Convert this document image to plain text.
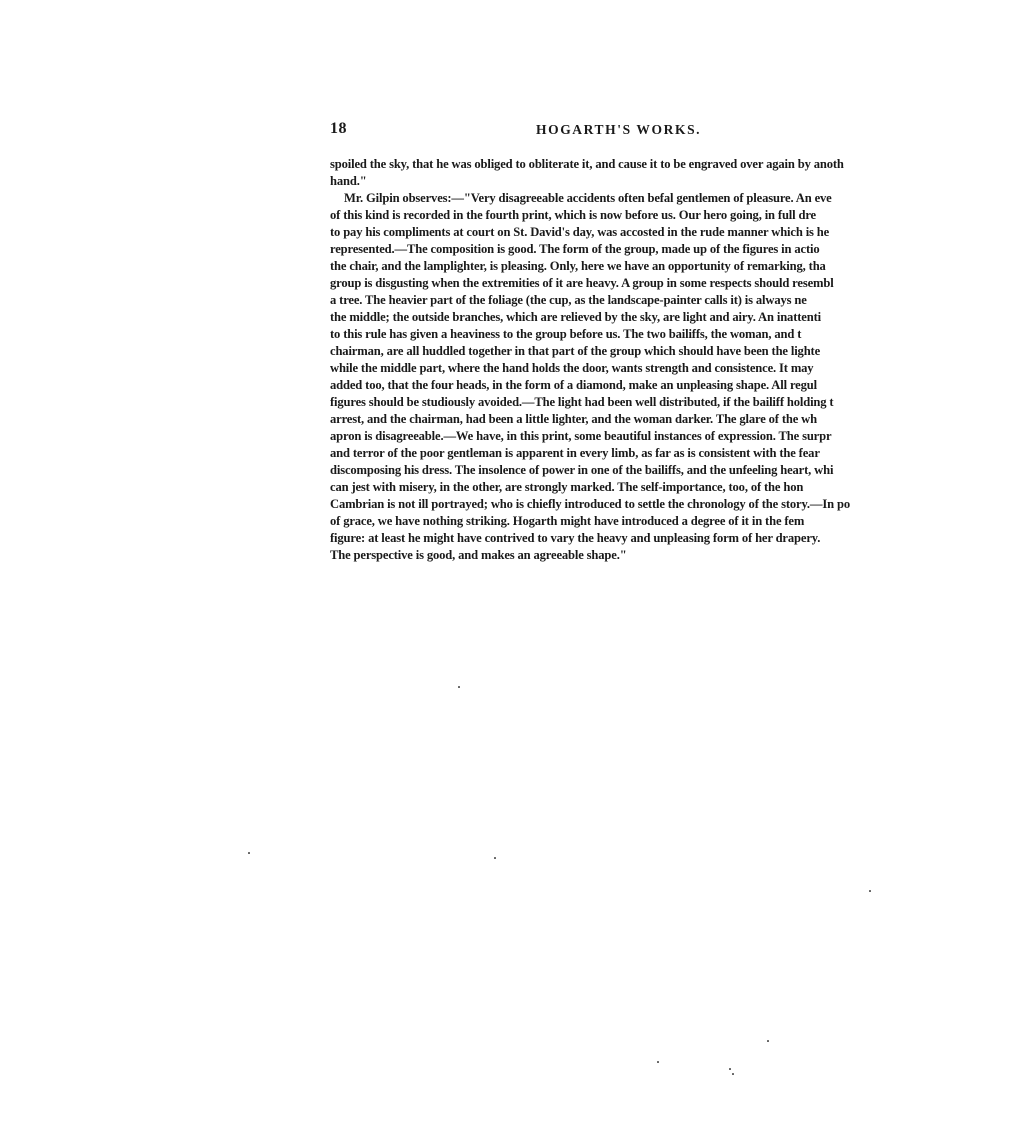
18	HOGARTH'S WORKS.
spoiled the sky, that he was obliged to obliterate it, and cause it to be engraved over again by anoth
hand."
Mr. Gilpin observes:—"Very disagreeable accidents often befal gentlemen of pleasure. An eve
of this kind is recorded in the fourth print, which is now before us. Our hero going, in full dre
to pay his compliments at court on St. David's day, was accosted in the rude manner which is he
represented.—The composition is good. The form of the group, made up of the figures in actio
the chair, and the lamplighter, is pleasing. Only, here we have an opportunity of remarking, tha
group is disgusting when the extremities of it are heavy. A group in some respects should resembl
a tree. The heavier part of the foliage (the cup, as the landscape-painter calls it) is always ne
the middle; the outside branches, which are relieved by the sky, are light and airy. An inattenti
to this rule has given a heaviness to the group before us. The two bailiffs, the woman, and t
chairman, are all huddled together in that part of the group which should have been the lighte
while the middle part, where the hand holds the door, wants strength and consistence. It may
added too, that the four heads, in the form of a diamond, make an unpleasing shape. All regul
figures should be studiously avoided.—The light had been well distributed, if the bailiff holding t
arrest, and the chairman, had been a little lighter, and the woman darker. The glare of the wh
apron is disagreeable.—We have, in this print, some beautiful instances of expression. The surpr
and terror of the poor gentleman is apparent in every limb, as far as is consistent with the fear
discomposing his dress. The insolence of power in one of the bailiffs, and the unfeeling heart, whi
can jest with misery, in the other, are strongly marked. The self-importance, too, of the hon
Cambrian is not ill portrayed; who is chiefly introduced to settle the chronology of the story.—In po
of grace, we have nothing striking. Hogarth might have introduced a degree of it in the fem
figure: at least he might have contrived to vary the heavy and unpleasing form of her drapery.
The perspective is good, and makes an agreeable shape."
